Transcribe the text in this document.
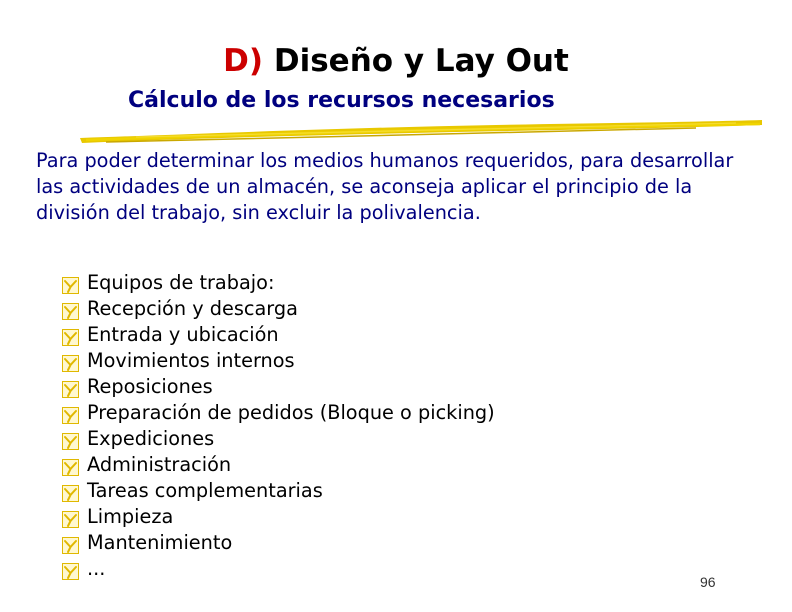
D) Diseño y Lay Out
Cálculo de los recursos necesarios
Para poder determinar los medios humanos requeridos, para desarrollar las actividades de un almacén, se aconseja aplicar el principio de la división del trabajo, sin excluir la polivalencia.
Equipos de trabajo:
Recepción y descarga
Entrada y ubicación
Movimientos internos
Reposiciones
Preparación de pedidos (Bloque o picking)
Expediciones
Administración
Tareas complementarias
Limpieza
Mantenimiento
...
96
